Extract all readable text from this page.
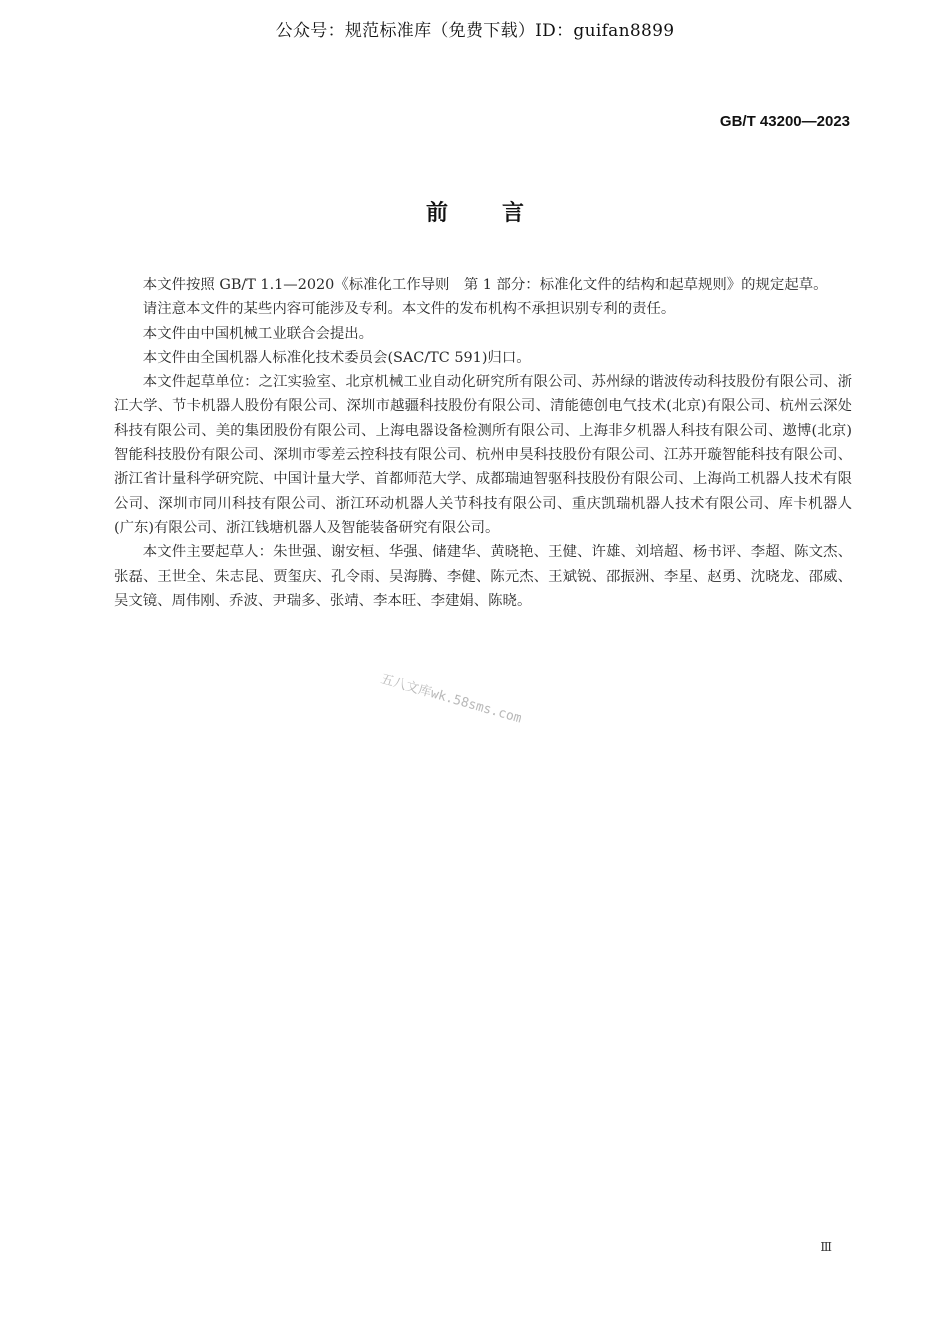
公众号：规范标准库（免费下载）ID：guifan8899
GB/T 43200—2023
前言

本文件按照 GB/T 1.1—2020《标准化工作导则　第 1 部分：标准化文件的结构和起草规则》的规定起草。

请注意本文件的某些内容可能涉及专利。本文件的发布机构不承担识别专利的责任。

本文件由中国机械工业联合会提出。

本文件由全国机器人标准化技术委员会(SAC/TC 591)归口。

本文件起草单位：之江实验室、北京机械工业自动化研究所有限公司、苏州绿的谐波传动科技股份有限公司、浙江大学、节卡机器人股份有限公司、深圳市越疆科技股份有限公司、清能德创电气技术(北京)有限公司、杭州云深处科技有限公司、美的集团股份有限公司、上海电器设备检测所有限公司、上海非夕机器人科技有限公司、遨博(北京)智能科技股份有限公司、深圳市零差云控科技有限公司、杭州申昊科技股份有限公司、江苏开璇智能科技有限公司、浙江省计量科学研究院、中国计量大学、首都师范大学、成都瑞迪智驱科技股份有限公司、上海尚工机器人技术有限公司、深圳市同川科技有限公司、浙江环动机器人关节科技有限公司、重庆凯瑞机器人技术有限公司、库卡机器人(广东)有限公司、浙江钱塘机器人及智能装备研究有限公司。

本文件主要起草人：朱世强、谢安桓、华强、储建华、黄晓艳、王健、许雄、刘培超、杨书评、李超、陈文杰、张磊、王世全、朱志昆、贾玺庆、孔令雨、吴海腾、李健、陈元杰、王斌锐、邵振洲、李星、赵勇、沈晓龙、邵威、吴文镜、周伟刚、乔波、尹瑞多、张靖、李本旺、李建娟、陈晓。

五八文库wk.58sms.com
Ⅲ
